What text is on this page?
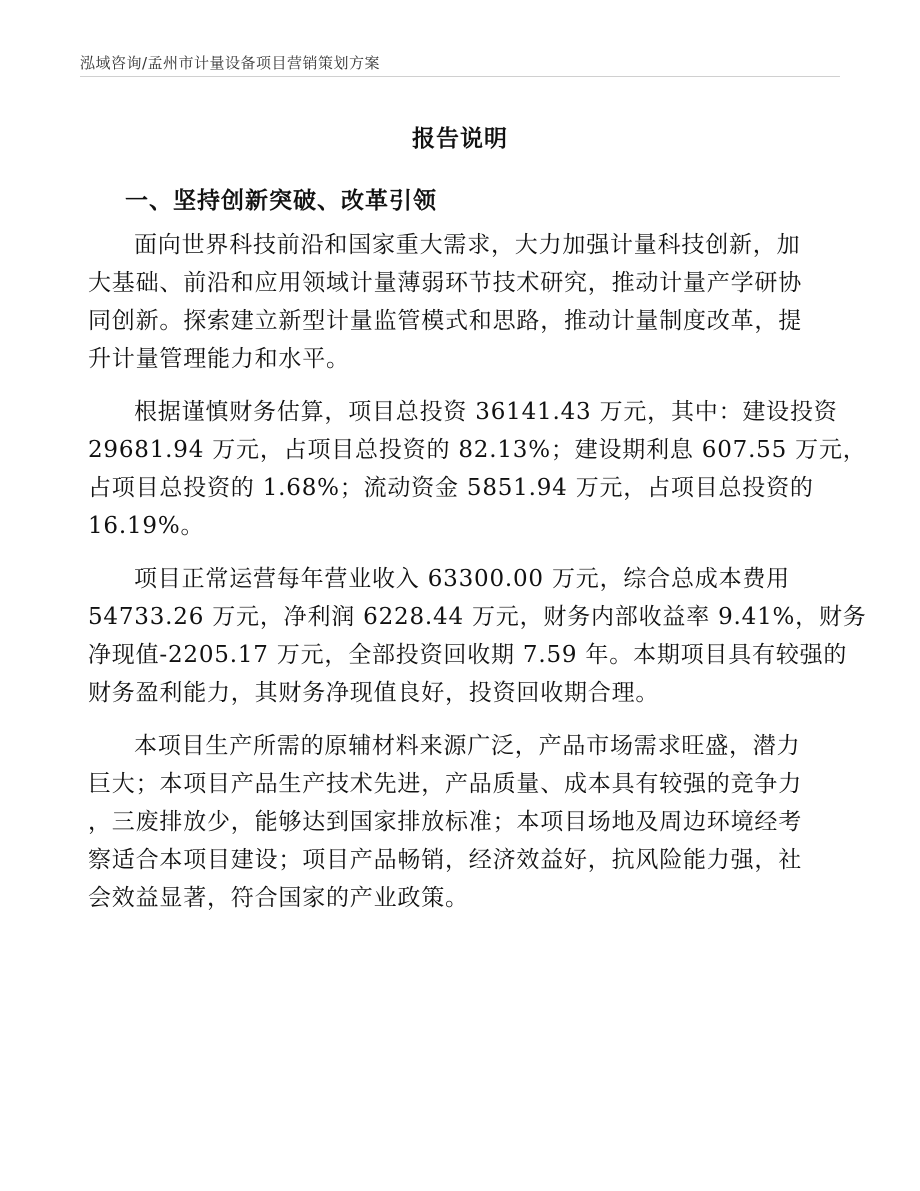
泓域咨询/孟州市计量设备项目营销策划方案
报告说明
一、坚持创新突破、改革引领

面向世界科技前沿和国家重大需求，大力加强计量科技创新，加
大基础、前沿和应用领域计量薄弱环节技术研究，推动计量产学研协
同创新。探索建立新型计量监管模式和思路，推动计量制度改革，提
升计量管理能力和水平。

根据谨慎财务估算，项目总投资 36141.43 万元，其中：建设投资
29681.94 万元，占项目总投资的 82.13%；建设期利息 607.55 万元，
占项目总投资的 1.68%；流动资金 5851.94 万元，占项目总投资的
16.19%。

项目正常运营每年营业收入 63300.00 万元，综合总成本费用
54733.26 万元，净利润 6228.44 万元，财务内部收益率 9.41%，财务
净现值-2205.17 万元，全部投资回收期 7.59 年。本期项目具有较强的
财务盈利能力，其财务净现值良好，投资回收期合理。

本项目生产所需的原辅材料来源广泛，产品市场需求旺盛，潜力
巨大；本项目产品生产技术先进，产品质量、成本具有较强的竞争力
，三废排放少，能够达到国家排放标准；本项目场地及周边环境经考
察适合本项目建设；项目产品畅销，经济效益好，抗风险能力强，社
会效益显著，符合国家的产业政策。
